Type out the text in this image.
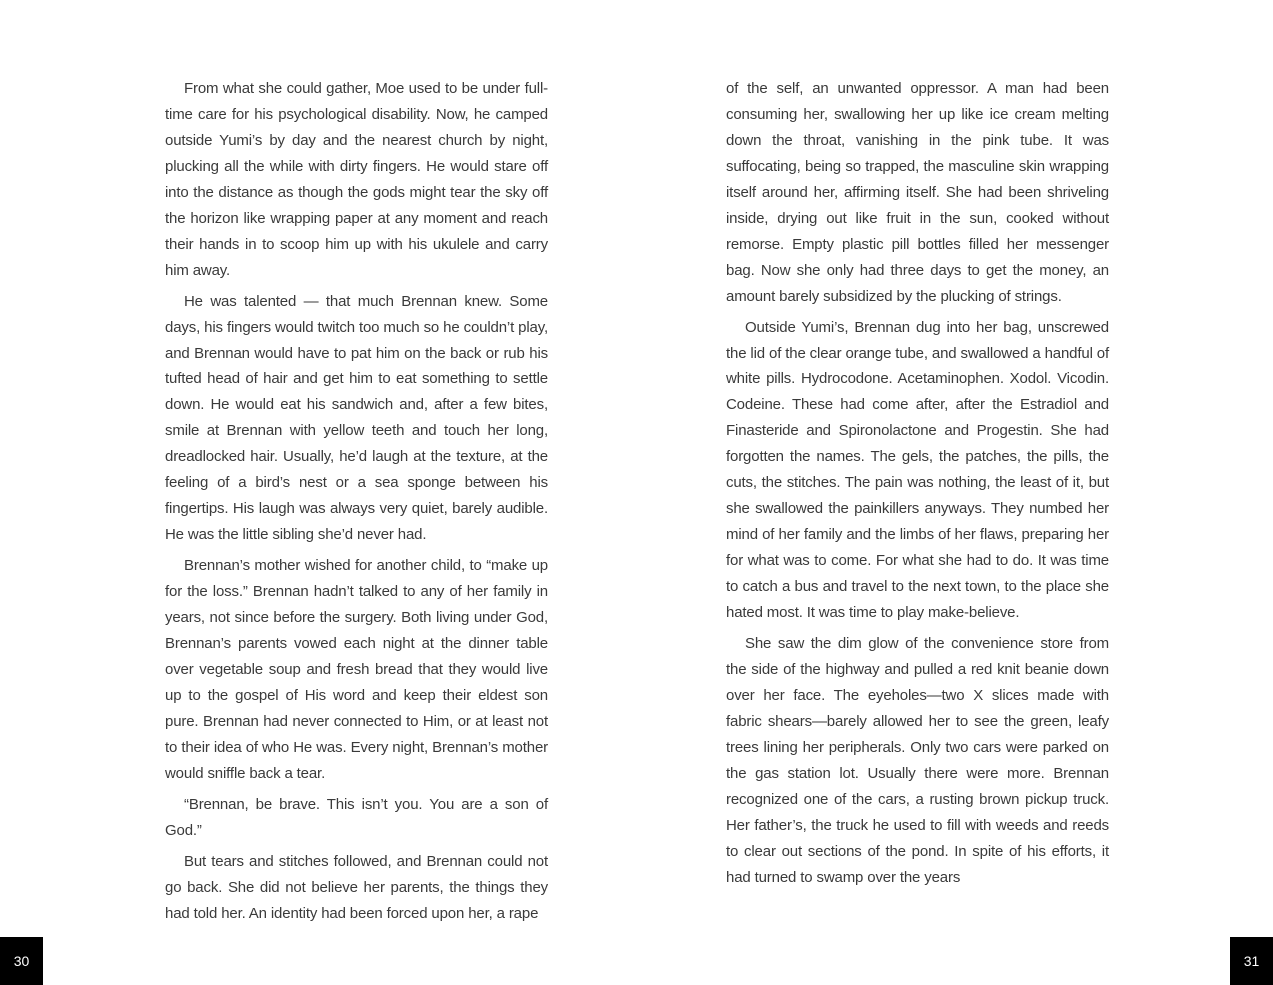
From what she could gather, Moe used to be under full-time care for his psychological disability. Now, he camped outside Yumi’s by day and the nearest church by night, plucking all the while with dirty fingers. He would stare off into the distance as though the gods might tear the sky off the horizon like wrapping paper at any moment and reach their hands in to scoop him up with his ukulele and carry him away.

He was talented — that much Brennan knew. Some days, his fingers would twitch too much so he couldn’t play, and Brennan would have to pat him on the back or rub his tufted head of hair and get him to eat something to settle down. He would eat his sandwich and, after a few bites, smile at Brennan with yellow teeth and touch her long, dreadlocked hair. Usually, he’d laugh at the texture, at the feeling of a bird’s nest or a sea sponge between his fingertips. His laugh was always very quiet, barely audible. He was the little sibling she’d never had.

Brennan’s mother wished for another child, to “make up for the loss.” Brennan hadn’t talked to any of her family in years, not since before the surgery. Both living under God, Brennan’s parents vowed each night at the dinner table over vegetable soup and fresh bread that they would live up to the gospel of His word and keep their eldest son pure. Brennan had never connected to Him, or at least not to their idea of who He was. Every night, Brennan’s mother would sniffle back a tear.

“Brennan, be brave. This isn’t you. You are a son of God.”

But tears and stitches followed, and Brennan could not go back. She did not believe her parents, the things they had told her. An identity had been forced upon her, a rape

30

of the self, an unwanted oppressor. A man had been consuming her, swallowing her up like ice cream melting down the throat, vanishing in the pink tube. It was suffocating, being so trapped, the masculine skin wrapping itself around her, affirming itself. She had been shriveling inside, drying out like fruit in the sun, cooked without remorse. Empty plastic pill bottles filled her messenger bag. Now she only had three days to get the money, an amount barely subsidized by the plucking of strings.

Outside Yumi’s, Brennan dug into her bag, unscrewed the lid of the clear orange tube, and swallowed a handful of white pills. Hydrocodone. Acetaminophen. Xodol. Vicodin. Codeine. These had come after, after the Estradiol and Finasteride and Spironolactone and Progestin. She had forgotten the names. The gels, the patches, the pills, the cuts, the stitches. The pain was nothing, the least of it, but she swallowed the painkillers anyways. They numbed her mind of her family and the limbs of her flaws, preparing her for what was to come. For what she had to do. It was time to catch a bus and travel to the next town, to the place she hated most. It was time to play make-believe.

She saw the dim glow of the convenience store from the side of the highway and pulled a red knit beanie down over her face. The eyeholes—two X slices made with fabric shears—barely allowed her to see the green, leafy trees lining her peripherals. Only two cars were parked on the gas station lot. Usually there were more. Brennan recognized one of the cars, a rusting brown pickup truck. Her father’s, the truck he used to fill with weeds and reeds to clear out sections of the pond. In spite of his efforts, it had turned to swamp over the years

31
